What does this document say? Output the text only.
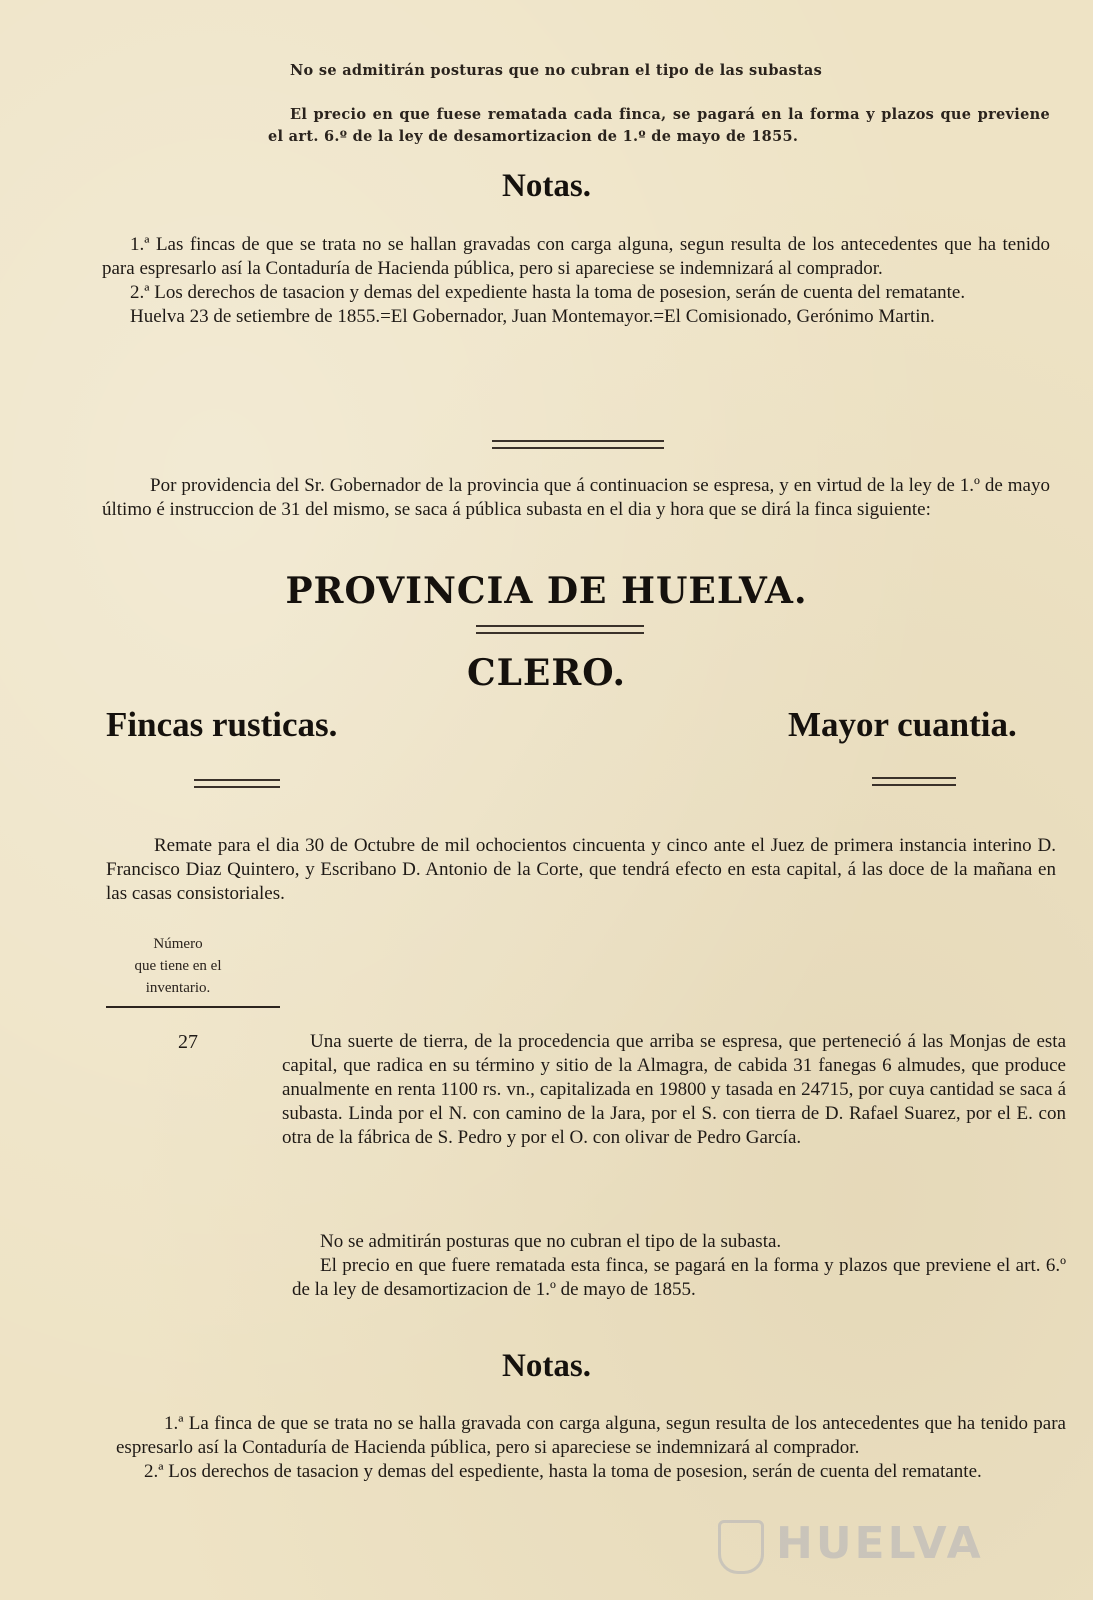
No se admitirán posturas que no cubran el tipo de las subastas
El precio en que fuese rematada cada finca, se pagará en la forma y plazos que previene el art. 6.º de la ley de desamortizacion de 1.º de mayo de 1855.
Notas.

1.ª Las fincas de que se trata no se hallan gravadas con carga alguna, segun resulta de los antecedentes que ha tenido para espresarlo así la Contaduría de Hacienda pública, pero si apareciese se indemnizará al comprador.

2.ª Los derechos de tasacion y demas del expediente hasta la toma de posesion, serán de cuenta del rematante.

Huelva 23 de setiembre de 1855.=El Gobernador, Juan Montemayor.=El Comisionado, Gerónimo Martin.

Por providencia del Sr. Gobernador de la provincia que á continuacion se espresa, y en virtud de la ley de 1.º de mayo último é instruccion de 31 del mismo, se saca á pública subasta en el dia y hora que se dirá la finca siguiente:

PROVINCIA DE HUELVA.
CLERO.
Fincas rusticas.	Mayor cuantia.

Remate para el dia 30 de Octubre de mil ochocientos cincuenta y cinco ante el Juez de primera instancia interino D. Francisco Diaz Quintero, y Escribano D. Antonio de la Corte, que tendrá efecto en esta capital, á las doce de la mañana en las casas consistoriales.

Número
que tiene en el
inventario.
27	Una suerte de tierra, de la procedencia que arriba se espresa, que perteneció á las Monjas de esta capital, que radica en su término y sitio de la Almagra, de cabida 31 fanegas 6 almudes, que produce anualmente en renta 1100 rs. vn., capitalizada en 19800 y tasada en 24715, por cuya cantidad se saca á subasta. Linda por el N. con camino de la Jara, por el S. con tierra de D. Rafael Suarez, por el E. con otra de la fábrica de S. Pedro y por el O. con olivar de Pedro García.

No se admitirán posturas que no cubran el tipo de la subasta.

El precio en que fuere rematada esta finca, se pagará en la forma y plazos que previene el art. 6.º de la ley de desamortizacion de 1.º de mayo de 1855.

Notas.

1.ª La finca de que se trata no se halla gravada con carga alguna, segun resulta de los antecedentes que ha tenido para espresarlo así la Contaduría de Hacienda pública, pero si apareciese se indemnizará al comprador.

2.ª Los derechos de tasacion y demas del espediente, hasta la toma de posesion, serán de cuenta del rematante.

HUELVA
